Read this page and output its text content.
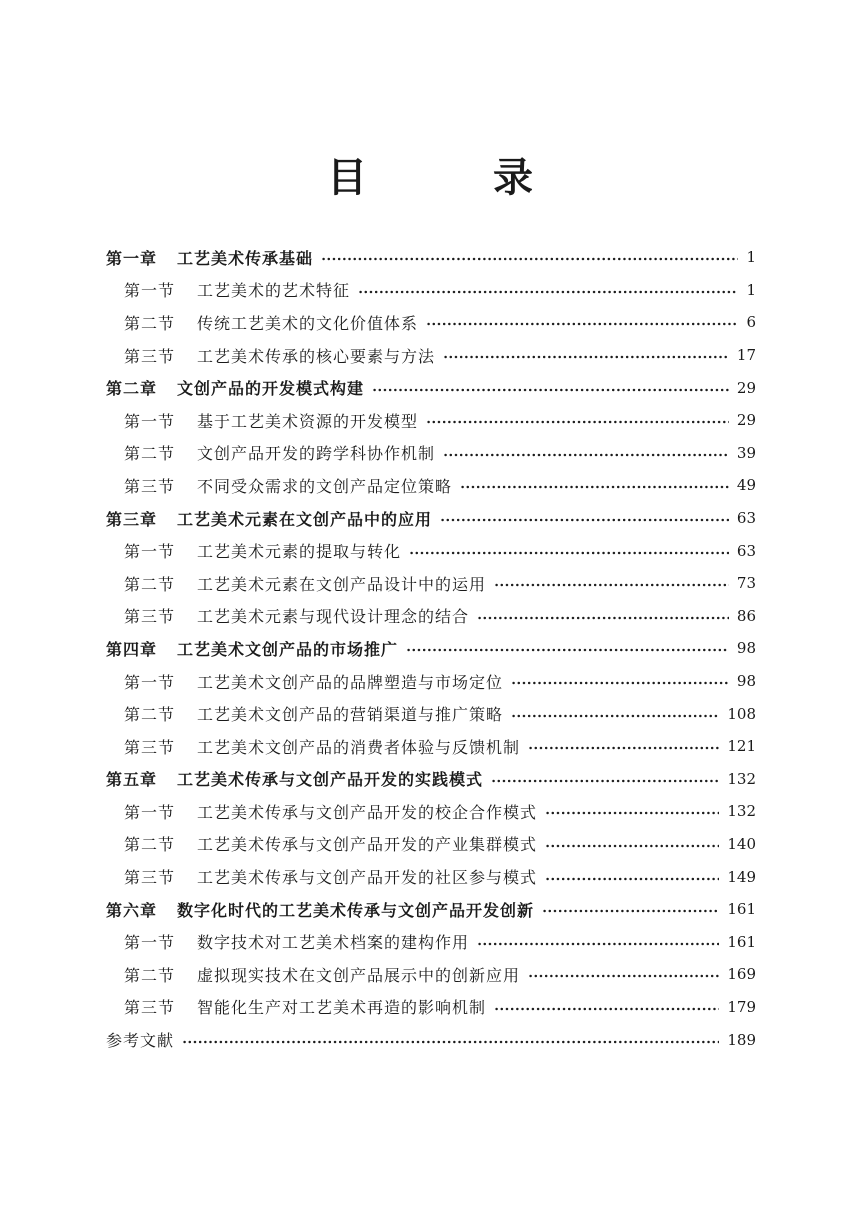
目 录
第一章 工艺美术传承基础	1
第一节 工艺美术的艺术特征	1
第二节 传统工艺美术的文化价值体系	6
第三节 工艺美术传承的核心要素与方法	17
第二章 文创产品的开发模式构建	29
第一节 基于工艺美术资源的开发模型	29
第二节 文创产品开发的跨学科协作机制	39
第三节 不同受众需求的文创产品定位策略	49
第三章 工艺美术元素在文创产品中的应用	63
第一节 工艺美术元素的提取与转化	63
第二节 工艺美术元素在文创产品设计中的运用	73
第三节 工艺美术元素与现代设计理念的结合	86
第四章 工艺美术文创产品的市场推广	98
第一节 工艺美术文创产品的品牌塑造与市场定位	98
第二节 工艺美术文创产品的营销渠道与推广策略	108
第三节 工艺美术文创产品的消费者体验与反馈机制	121
第五章 工艺美术传承与文创产品开发的实践模式	132
第一节 工艺美术传承与文创产品开发的校企合作模式	132
第二节 工艺美术传承与文创产品开发的产业集群模式	140
第三节 工艺美术传承与文创产品开发的社区参与模式	149
第六章 数字化时代的工艺美术传承与文创产品开发创新	161
第一节 数字技术对工艺美术档案的建构作用	161
第二节 虚拟现实技术在文创产品展示中的创新应用	169
第三节 智能化生产对工艺美术再造的影响机制	179
参考文献	189
